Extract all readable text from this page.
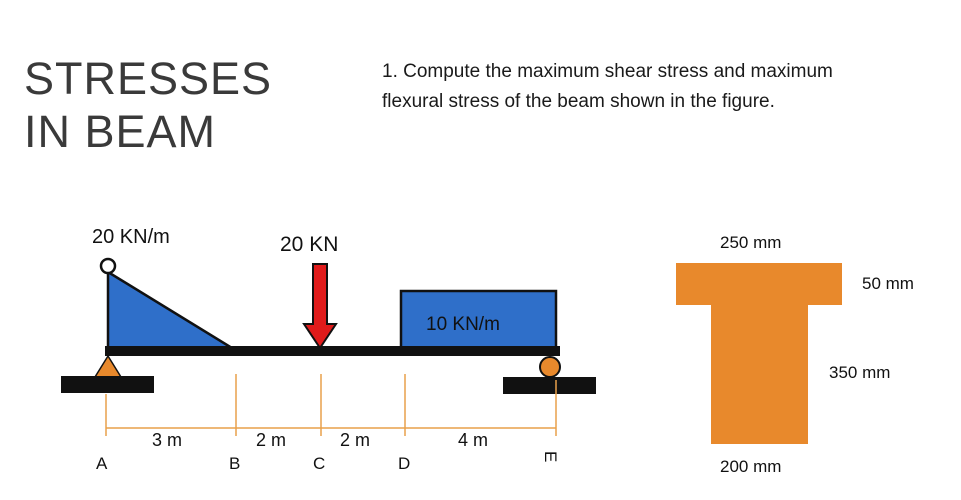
STRESSES
IN BEAM
1. Compute the maximum shear stress and maximum
flexural stress of the beam shown in the figure.
20 KN/m
10 KN/m
20 KN
3 m	2 m	2 m	4 m
A	B	C	D	E
250 mm
50 mm
350 mm
200 mm
